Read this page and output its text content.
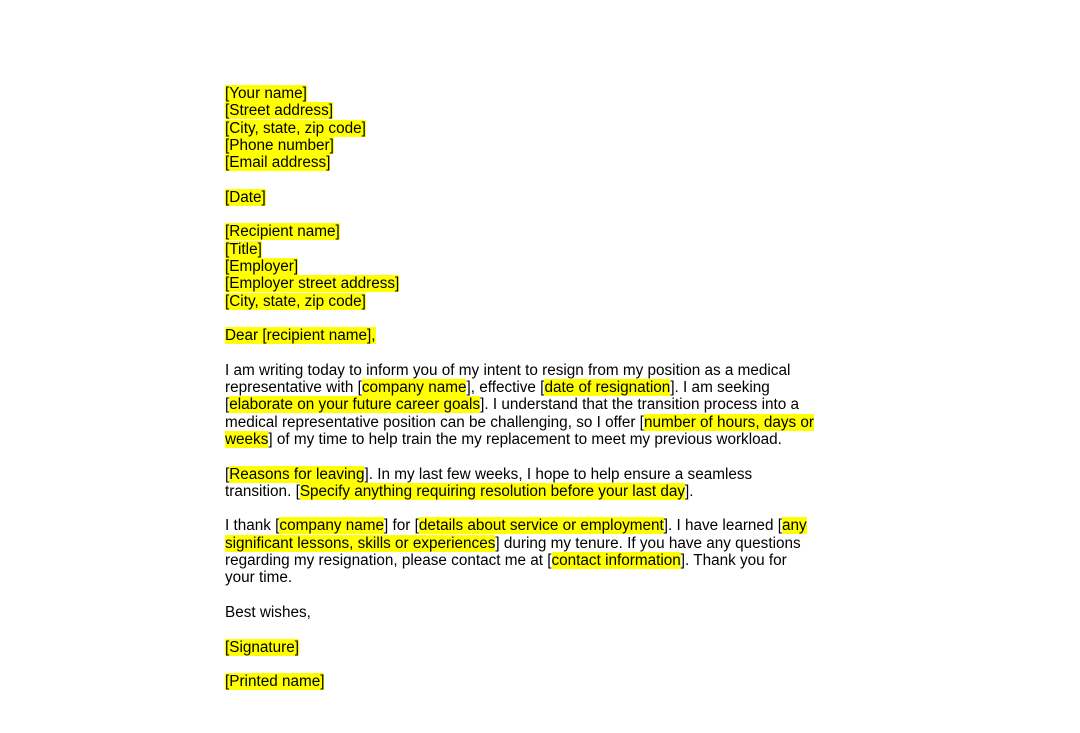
[Your name]
[Street address]
[City, state, zip code]
[Phone number]
[Email address]
[Date]
[Recipient name]
[Title]
[Employer]
[Employer street address]
[City, state, zip code]
Dear [recipient name],
I am writing today to inform you of my intent to resign from my position as a medical representative with [company name], effective [date of resignation]. I am seeking [elaborate on your future career goals]. I understand that the transition process into a medical representative position can be challenging, so I offer [number of hours, days or weeks] of my time to help train the my replacement to meet my previous workload.
[Reasons for leaving]. In my last few weeks, I hope to help ensure a seamless transition. [Specify anything requiring resolution before your last day].
I thank [company name] for [details about service or employment]. I have learned [any significant lessons, skills or experiences] during my tenure. If you have any questions regarding my resignation, please contact me at [contact information]. Thank you for your time.
Best wishes,
[Signature]
[Printed name]
